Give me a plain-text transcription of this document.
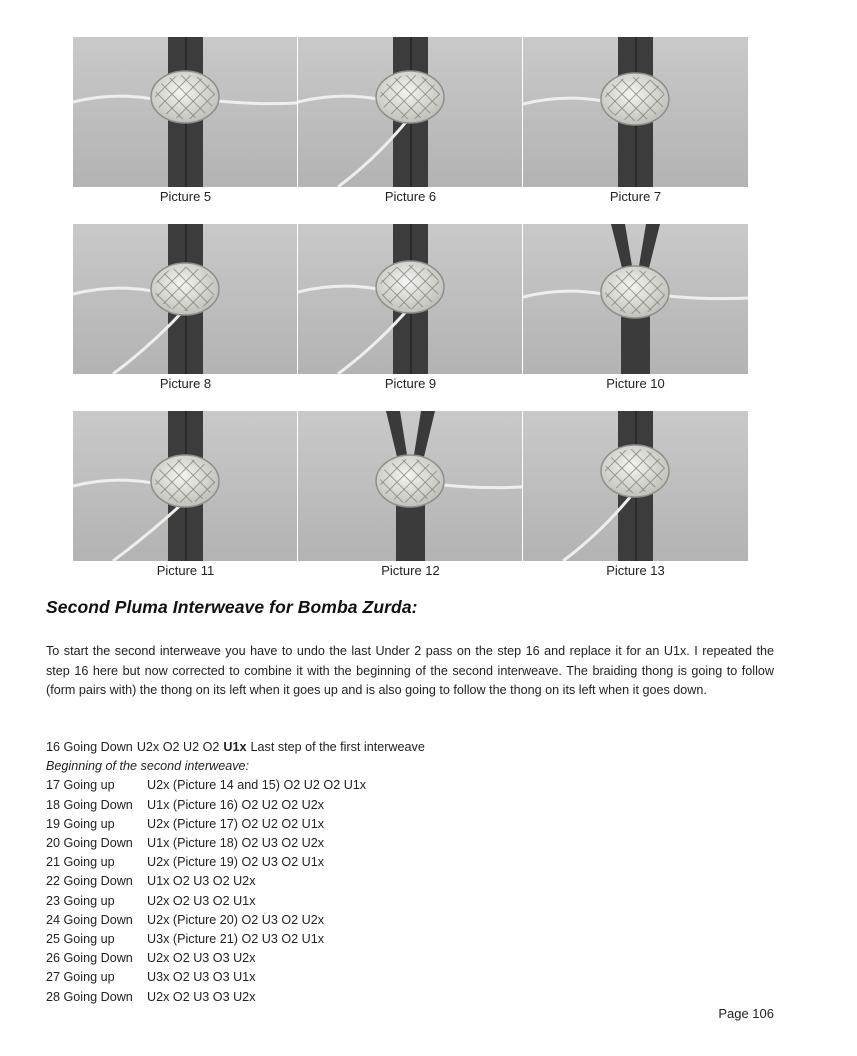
Picture 5	Picture 6	Picture 7
Picture 8	Picture 9	Picture 10
Picture 11	Picture 12	Picture 13
Second Pluma Interweave for Bomba Zurda:

To start the second interweave you have to undo the last Under 2 pass on the step 16 and replace it for an U1x. I repeated the step 16 here but now corrected to combine it with the beginning of the second interweave. The braiding thong is going to follow (form pairs with) the thong on its left when it goes up and is also going to follow the thong on its left when it goes down.

16 Going Down U2x O2 U2 O2 U1x Last step of the first interweave
Beginning of the second interweave:
17 Going up	U2x (Picture 14 and 15) O2 U2 O2 U1x
18 Going Down	U1x (Picture 16) O2 U2 O2 U2x
19 Going up	U2x (Picture 17) O2 U2 O2 U1x
20 Going Down	U1x (Picture 18) O2 U3 O2 U2x
21 Going up	U2x (Picture 19) O2 U3 O2 U1x
22 Going Down	U1x O2 U3 O2 U2x
23 Going up	U2x O2 U3 O2 U1x
24 Going Down	U2x (Picture 20) O2 U3 O2 U2x
25 Going up	U3x (Picture 21) O2 U3 O2 U1x
26 Going Down	U2x O2 U3 O3 U2x
27 Going up	U3x O2 U3 O3 U1x
28 Going Down	U2x O2 U3 O3 U2x
Page 106
